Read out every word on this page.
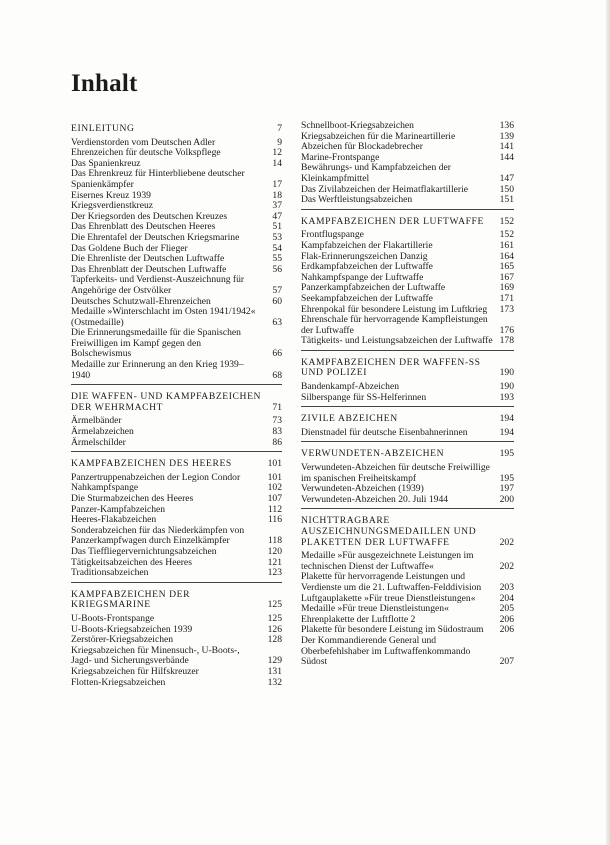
Inhalt
EINLEITUNG	7
Verdienstorden vom Deutschen Adler	9
Ehrenzeichen für deutsche Volkspflege	12
Das Spanienkreuz	14
Das Ehrenkreuz für Hinterbliebene deutscher Spanienkämpfer	17
Eisernes Kreuz 1939	18
Kriegsverdienstkreuz	37
Der Kriegsorden des Deutschen Kreuzes	47
Das Ehrenblatt des Deutschen Heeres	51
Die Ehrentafel der Deutschen Kriegsmarine	53
Das Goldene Buch der Flieger	54
Die Ehrenliste der Deutschen Luftwaffe	55
Das Ehrenblatt der Deutschen Luftwaffe	56
Tapferkeits- und Verdienst-Auszeichnung für Angehörige der Ostvölker	57
Deutsches Schutzwall-Ehrenzeichen	60
Medaille »Winterschlacht im Osten 1941/1942« (Ostmedaille)	63
Die Erinnerungsmedaille für die Spanischen Freiwilligen im Kampf gegen den Bolschewismus	66
Medaille zur Erinnerung an den Krieg 1939–1940	68
DIE WAFFEN- UND KAMPFABZEICHEN DER WEHRMACHT	71
Ärmelbänder	73
Ärmelabzeichen	83
Ärmelschilder	86
KAMPFABZEICHEN DES HEERES	101
Panzertruppenabzeichen der Legion Condor	101
Nahkampfspange	102
Die Sturmabzeichen des Heeres	107
Panzer-Kampfabzeichen	112
Heeres-Flakabzeichen	116
Sonderabzeichen für das Niederkämpfen von Panzerkampfwagen durch Einzelkämpfer	118
Das Tieffliegervernichtungsabzeichen	120
Tätigkeitsabzeichen des Heeres	121
Traditionsabzeichen	123
KAMPFABZEICHEN DER KRIEGSMARINE	125
U-Boots-Frontspange	125
U-Boots-Kriegsabzeichen 1939	126
Zerstörer-Kriegsabzeichen	128
Kriegsabzeichen für Minensuch-, U-Boots-, Jagd- und Sicherungsverbände	129
Kriegsabzeichen für Hilfskreuzer	131
Flotten-Kriegsabzeichen	132
Schnellboot-Kriegsabzeichen	136
Kriegsabzeichen für die Marineartillerie	139
Abzeichen für Blockadebrecher	141
Marine-Frontspange	144
Bewährungs- und Kampfabzeichen der Kleinkampfmittel	147
Das Zivilabzeichen der Heimatflakartillerie	150
Das Werftleistungsabzeichen	151
KAMPFABZEICHEN DER LUFTWAFFE	152
Frontflugspange	152
Kampfabzeichen der Flakartillerie	161
Flak-Erinnerungszeichen Danzig	164
Erdkampfabzeichen der Luftwaffe	165
Nahkampfspange der Luftwaffe	167
Panzerkampfabzeichen der Luftwaffe	169
Seekampfabzeichen der Luftwaffe	171
Ehrenpokal für besondere Leistung im Luftkrieg	173
Ehrenschale für hervorragende Kampfleistungen der Luftwaffe	176
Tätigkeits- und Leistungsabzeichen der Luftwaffe 178
KAMPFABZEICHEN DER WAFFEN-SS UND POLIZEI	190
Bandenkampf-Abzeichen	190
Silberspange für SS-Helferinnen	193
ZIVILE ABZEICHEN	194
Dienstnadel für deutsche Eisenbahnerinnen	194
VERWUNDETEN-ABZEICHEN	195
Verwundeten-Abzeichen für deutsche Freiwillige im spanischen Freiheitskampf	195
Verwundeten-Abzeichen (1939)	197
Verwundeten-Abzeichen 20. Juli 1944	200
NICHTTRAGBARE AUSZEICHNUNGSMEDAILLEN UND PLAKETTEN DER LUFTWAFFE	202
Medaille »Für ausgezeichnete Leistungen im technischen Dienst der Luftwaffe«	202
Plakette für hervorragende Leistungen und Verdienste um die 21. Luftwaffen-Felddivision	203
Luftgauplakette »Für treue Dienstleistungen«	204
Medaille »Für treue Dienstleistungen«	205
Ehrenplakette der Luftflotte 2	206
Plakette für besondere Leistung im Südostraum	206
Der Kommandierende General und Oberbefehlshaber im Luftwaffenkommando Südost	207
